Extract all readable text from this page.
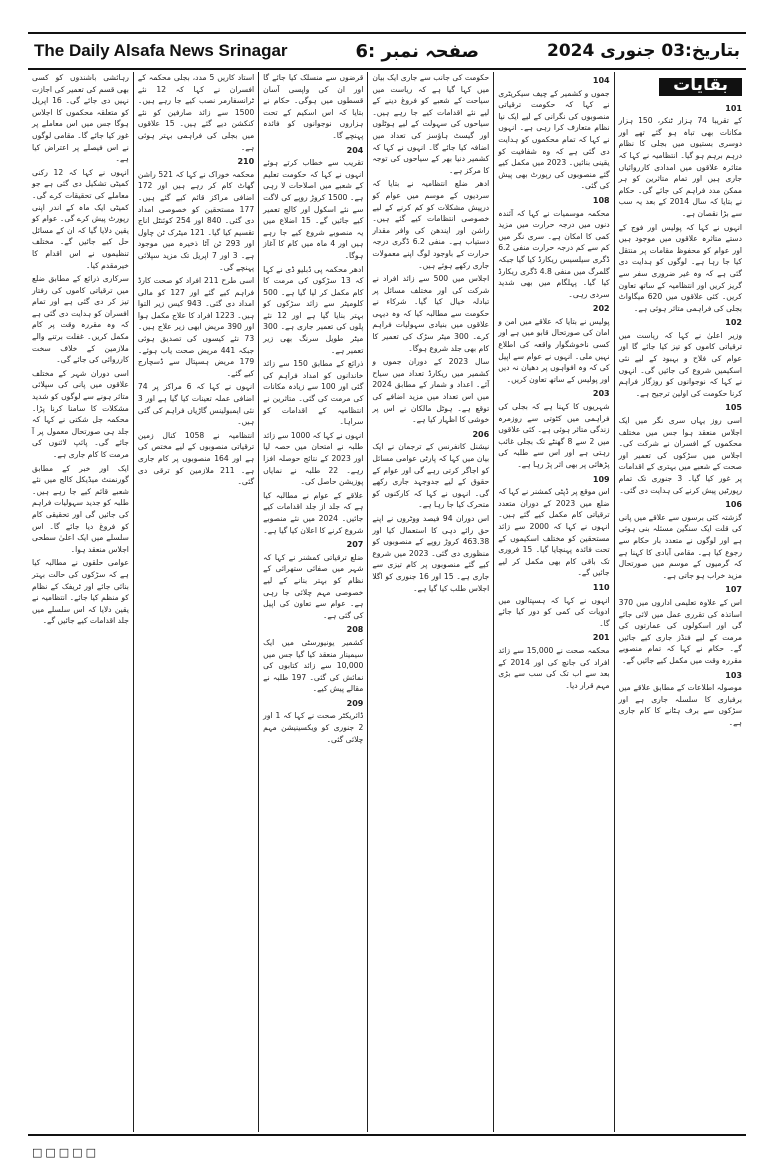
The Daily Alsafa News Srinagar	صفحہ نمبر :6	بتاریخ:03 جنوری 2024
بقایات
101

کے تقریبا 74 ہزار ٹنکر، 150 ہزار مکانات بھی تباہ ہو گئے تھے اور دوسری بستیوں میں بجلی کا نظام درہم برہم ہو گیا۔ انتظامیہ نے کہا کہ متاثرہ علاقوں میں امدادی کارروائیاں جاری ہیں اور تمام متاثرین کو ہر ممکن مدد فراہم کی جائے گی۔ حکام نے بتایا کہ سال 2014 کے بعد یہ سب سے بڑا نقصان ہے۔

انہوں نے کہا کہ پولیس اور فوج کے دستے متاثرہ علاقوں میں موجود ہیں اور عوام کو محفوظ مقامات پر منتقل کیا جا رہا ہے۔ لوگوں کو ہدایت دی گئی ہے کہ وہ غیر ضروری سفر سے گریز کریں اور انتظامیہ کے ساتھ تعاون کریں۔ کئی علاقوں میں 620 میگاواٹ بجلی کی فراہمی متاثر ہوئی ہے۔

102

وزیر اعلیٰ نے کہا کہ ریاست میں ترقیاتی کاموں کو تیز کیا جائے گا اور عوام کی فلاح و بہبود کے لیے نئی اسکیمیں شروع کی جائیں گی۔ انہوں نے کہا کہ نوجوانوں کو روزگار فراہم کرنا حکومت کی اولین ترجیح ہے۔

105

اسی روز یہاں سری نگر میں ایک اجلاس منعقد ہوا جس میں مختلف محکموں کے افسران نے شرکت کی۔ اجلاس میں سڑکوں کی تعمیر اور صحت کے شعبے میں بہتری کے اقدامات پر غور کیا گیا۔ 3 جنوری تک تمام رپورٹیں پیش کرنے کی ہدایت دی گئی۔

106

گزشتہ کئی برسوں سے علاقے میں پانی کی قلت ایک سنگین مسئلہ بنی ہوئی ہے اور لوگوں نے متعدد بار حکام سے رجوع کیا ہے۔ مقامی آبادی کا کہنا ہے کہ گرمیوں کے موسم میں صورتحال مزید خراب ہو جاتی ہے۔

107

اس کے علاوہ تعلیمی اداروں میں 370 اساتذہ کی تقرری عمل میں لائی جائے گی اور اسکولوں کی عمارتوں کی مرمت کے لیے فنڈز جاری کیے جائیں گے۔ حکام نے کہا کہ تمام منصوبے مقررہ وقت میں مکمل کیے جائیں گے۔

103

موصولہ اطلاعات کے مطابق علاقے میں برفباری کا سلسلہ جاری ہے اور سڑکوں سے برف ہٹانے کا کام جاری ہے۔

104

جموں و کشمیر کے چیف سیکریٹری نے کہا کہ حکومت ترقیاتی منصوبوں کی نگرانی کے لیے ایک نیا نظام متعارف کرا رہی ہے۔ انہوں نے کہا کہ تمام محکموں کو ہدایت دی گئی ہے کہ وہ شفافیت کو یقینی بنائیں۔ 2023 میں مکمل کیے گئے منصوبوں کی رپورٹ بھی پیش کی گئی۔

108

محکمہ موسمیات نے کہا کہ آئندہ دنوں میں درجہ حرارت میں مزید کمی کا امکان ہے۔ سری نگر میں کم سے کم درجہ حرارت منفی 6.2 ڈگری سیلسیس ریکارڈ کیا گیا جبکہ گلمرگ میں منفی 4.8 ڈگری ریکارڈ کیا گیا۔ پہلگام میں بھی شدید سردی رہی۔

202

پولیس نے بتایا کہ علاقے میں امن و امان کی صورتحال قابو میں ہے اور کسی ناخوشگوار واقعہ کی اطلاع نہیں ملی۔ انہوں نے عوام سے اپیل کی کہ وہ افواہوں پر دھیان نہ دیں اور پولیس کے ساتھ تعاون کریں۔

203

شہریوں کا کہنا ہے کہ بجلی کی فراہمی میں کٹوتی سے روزمرہ زندگی متاثر ہوئی ہے۔ کئی علاقوں میں 2 سے 8 گھنٹے تک بجلی غائب رہتی ہے اور اس سے طلبہ کی پڑھائی پر بھی اثر پڑ رہا ہے۔

109

اس موقع پر ڈپٹی کمشنر نے کہا کہ ضلع میں 2023 کے دوران متعدد ترقیاتی کام مکمل کیے گئے ہیں۔ انہوں نے کہا کہ 2000 سے زائد مستحقین کو مختلف اسکیموں کے تحت فائدہ پہنچایا گیا۔ 15 فروری تک باقی کام بھی مکمل کر لیے جائیں گے۔

110

انہوں نے کہا کہ ہسپتالوں میں ادویات کی کمی کو دور کیا جائے گا۔

201

محکمہ صحت نے 15,000 سے زائد افراد کی جانچ کی اور 2014 کے بعد سے اب تک کی سب سے بڑی مہم قرار دیا۔

حکومت کی جانب سے جاری ایک بیان میں کہا گیا ہے کہ ریاست میں سیاحت کے شعبے کو فروغ دینے کے لیے نئے اقدامات کیے جا رہے ہیں۔ سیاحوں کی سہولت کے لیے ہوٹلوں اور گیسٹ ہاؤسز کی تعداد میں اضافہ کیا جائے گا۔ انہوں نے کہا کہ کشمیر دنیا بھر کے سیاحوں کی توجہ کا مرکز ہے۔

ادھر ضلع انتظامیہ نے بتایا کہ سردیوں کے موسم میں عوام کو درپیش مشکلات کو کم کرنے کے لیے خصوصی انتظامات کیے گئے ہیں۔ راشن اور ایندھن کی وافر مقدار دستیاب ہے۔ منفی 6.2 ڈگری درجہ حرارت کے باوجود لوگ اپنے معمولات جاری رکھے ہوئے ہیں۔

اجلاس میں 500 سے زائد افراد نے شرکت کی اور مختلف مسائل پر تبادلہ خیال کیا گیا۔ شرکاء نے حکومت سے مطالبہ کیا کہ وہ دیہی علاقوں میں بنیادی سہولیات فراہم کرے۔ 300 میٹر سڑک کی تعمیر کا کام بھی جلد شروع ہوگا۔

سال 2023 کے دوران جموں و کشمیر میں ریکارڈ تعداد میں سیاح آئے۔ اعداد و شمار کے مطابق 2024 میں اس تعداد میں مزید اضافے کی توقع ہے۔ ہوٹل مالکان نے اس پر خوشی کا اظہار کیا ہے۔

206

نیشنل کانفرنس کے ترجمان نے ایک بیان میں کہا کہ پارٹی عوامی مسائل کو اجاگر کرتی رہے گی اور عوام کے حقوق کے لیے جدوجہد جاری رکھے گی۔ انہوں نے کہا کہ کارکنوں کو متحرک کیا جا رہا ہے۔

اس دوران 94 فیصد ووٹروں نے اپنے حق رائے دہی کا استعمال کیا اور 463.38 کروڑ روپے کے منصوبوں کو منظوری دی گئی۔ 2023 میں شروع کیے گئے منصوبوں پر کام تیزی سے جاری ہے۔ 15 اور 16 جنوری کو اگلا اجلاس طلب کیا گیا ہے۔

قرضوں سے منسلک کیا جائے گا اور ان کی واپسی آسان قسطوں میں ہوگی۔ حکام نے بتایا کہ اس اسکیم کے تحت ہزاروں نوجوانوں کو فائدہ پہنچے گا۔

204

تقریب سے خطاب کرتے ہوئے انہوں نے کہا کہ حکومت تعلیم کے شعبے میں اصلاحات لا رہی ہے۔ 1500 کروڑ روپے کی لاگت سے نئے اسکول اور کالج تعمیر کیے جائیں گے۔ 15 اضلاع میں یہ منصوبے شروع کیے جا رہے ہیں اور 4 ماہ میں کام کا آغاز ہوگا۔

ادھر محکمہ پی ڈبلیو ڈی نے کہا کہ 13 سڑکوں کی مرمت کا کام مکمل کر لیا گیا ہے۔ 500 کلومیٹر سے زائد سڑکوں کو بہتر بنایا گیا ہے اور 12 نئے پلوں کی تعمیر جاری ہے۔ 300 میٹر طویل سرنگ بھی زیر تعمیر ہے۔

ذرائع کے مطابق 150 سے زائد خاندانوں کو امداد فراہم کی گئی اور 100 سے زیادہ مکانات کی مرمت کی گئی۔ متاثرین نے انتظامیہ کے اقدامات کو سراہا۔

انہوں نے کہا کہ 1000 سے زائد طلبہ نے امتحان میں حصہ لیا اور 2023 کے نتائج حوصلہ افزا رہے۔ 22 طلبہ نے نمایاں پوزیشن حاصل کی۔

علاقے کے عوام نے مطالبہ کیا ہے کہ جلد از جلد اقدامات کیے جائیں۔ 2024 میں نئے منصوبے شروع کرنے کا اعلان کیا گیا ہے۔

207

ضلع ترقیاتی کمشنر نے کہا کہ شہر میں صفائی ستھرائی کے نظام کو بہتر بنانے کے لیے خصوصی مہم چلائی جا رہی ہے۔ عوام سے تعاون کی اپیل کی گئی ہے۔

208

کشمیر یونیورسٹی میں ایک سیمینار منعقد کیا گیا جس میں 10,000 سے زائد کتابوں کی نمائش کی گئی۔ 197 طلبہ نے مقالے پیش کیے۔

209

ڈائریکٹر صحت نے کہا کہ 1 اور 2 جنوری کو ویکسینیشن مہم چلائی گئی۔

استاد کاریں 5 مدد، بجلی محکمہ کے افسران نے کہا کہ 12 نئے ٹرانسفارمر نصب کیے جا رہے ہیں۔ 1500 سے زائد صارفین کو نئے کنکشن دیے گئے ہیں۔ 15 علاقوں میں بجلی کی فراہمی بہتر ہوئی ہے۔

210

محکمہ خوراک نے کہا کہ 521 راشن گھاٹ کام کر رہے ہیں اور 172 اضافی مراکز قائم کیے گئے ہیں۔ 177 مستحقین کو خصوصی امداد دی گئی۔ 840 اور 254 کوئنٹل اناج تقسیم کیا گیا۔ 121 میٹرک ٹن چاول اور 293 ٹن آٹا ذخیرہ میں موجود ہے۔ 3 اور 7 اپریل تک مزید سپلائی پہنچے گی۔

اسی طرح 211 افراد کو صحت کارڈ فراہم کیے گئے اور 127 کو مالی امداد دی گئی۔ 943 کیس زیر التوا ہیں۔ 1223 افراد کا علاج مکمل ہوا اور 390 مریض ابھی زیر علاج ہیں۔ 73 نئے کیسوں کی تصدیق ہوئی جبکہ 441 مریض صحت یاب ہوئے۔ 179 مریض ہسپتال سے ڈسچارج کیے گئے۔

انہوں نے کہا کہ 6 مراکز پر 74 اضافی عملہ تعینات کیا گیا ہے اور 3 نئی ایمبولینس گاڑیاں فراہم کی گئی ہیں۔

انتظامیہ نے 1058 کنال زمین ترقیاتی منصوبوں کے لیے مختص کی ہے اور 164 منصوبوں پر کام جاری ہے۔ 211 ملازمین کو ترقی دی گئی۔

رہائشی باشندوں کو کسی بھی قسم کی تعمیر کی اجازت نہیں دی جائے گی۔ 16 اپریل کو متعلقہ محکموں کا اجلاس ہوگا جس میں اس معاملے پر غور کیا جائے گا۔ مقامی لوگوں نے اس فیصلے پر اعتراض کیا ہے۔

انہوں نے کہا کہ 12 رکنی کمیٹی تشکیل دی گئی ہے جو معاملے کی تحقیقات کرے گی۔ کمیٹی ایک ماہ کے اندر اپنی رپورٹ پیش کرے گی۔ عوام کو یقین دلایا گیا کہ ان کے مسائل حل کیے جائیں گے۔ مختلف تنظیموں نے اس اقدام کا خیرمقدم کیا۔

سرکاری ذرائع کے مطابق ضلع میں ترقیاتی کاموں کی رفتار تیز کر دی گئی ہے اور تمام افسران کو ہدایت دی گئی ہے کہ وہ مقررہ وقت پر کام مکمل کریں۔ غفلت برتنے والے ملازمین کے خلاف سخت کارروائی کی جائے گی۔

اسی دوران شہر کے مختلف علاقوں میں پانی کی سپلائی متاثر ہونے سے لوگوں کو شدید مشکلات کا سامنا کرنا پڑا۔ محکمہ جل شکتی نے کہا کہ جلد ہی صورتحال معمول پر آ جائے گی۔ پائپ لائنوں کی مرمت کا کام جاری ہے۔

ایک اور خبر کے مطابق گورنمنٹ میڈیکل کالج میں نئے شعبے قائم کیے جا رہے ہیں۔ طلبہ کو جدید سہولیات فراہم کی جائیں گی اور تحقیقی کام کو فروغ دیا جائے گا۔ اس سلسلے میں ایک اعلیٰ سطحی اجلاس منعقد ہوا۔

عوامی حلقوں نے مطالبہ کیا ہے کہ سڑکوں کی حالت بہتر بنائی جائے اور ٹریفک کے نظام کو منظم کیا جائے۔ انتظامیہ نے یقین دلایا کہ اس سلسلے میں جلد اقدامات کیے جائیں گے۔

□□□□□
